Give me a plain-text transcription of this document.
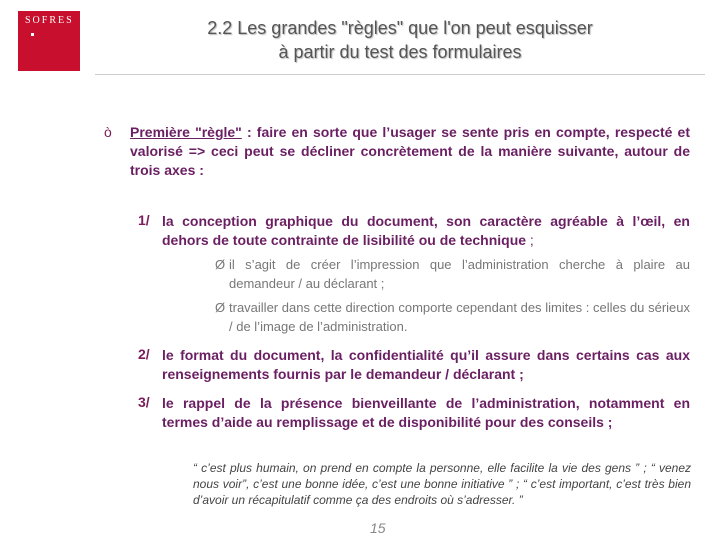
SOFRES	2.2 Les grandes "règles" que l'on peut esquisser
à partir du test des formulaires
ò Première "règle" : faire en sorte que l’usager se sente pris en compte, respecté et valorisé => ceci peut se décliner concrètement de la manière suivante, autour de trois axes :
1/ la conception graphique du document, son caractère agréable à l’œil, en dehors de toute contrainte de lisibilité ou de technique ;
Ø il s’agit de créer l’impression que l’administration cherche à plaire au demandeur / au déclarant ;
Ø travailler dans cette direction comporte cependant des limites : celles du sérieux / de l’image de l’administration.
2/ le format du document, la confidentialité qu’il assure dans certains cas aux renseignements fournis par le demandeur / déclarant ;
3/ le rappel de la présence bienveillante de l’administration, notamment en termes d’aide au remplissage et de disponibilité pour des conseils ;
“ c’est plus humain, on prend en compte la personne, elle facilite la vie des gens ” ; “ venez nous voir”, c’est une bonne idée, c’est une bonne initiative ” ; “ c’est important, c’est très bien d’avoir un récapitulatif comme ça des endroits où s’adresser. ”
15
